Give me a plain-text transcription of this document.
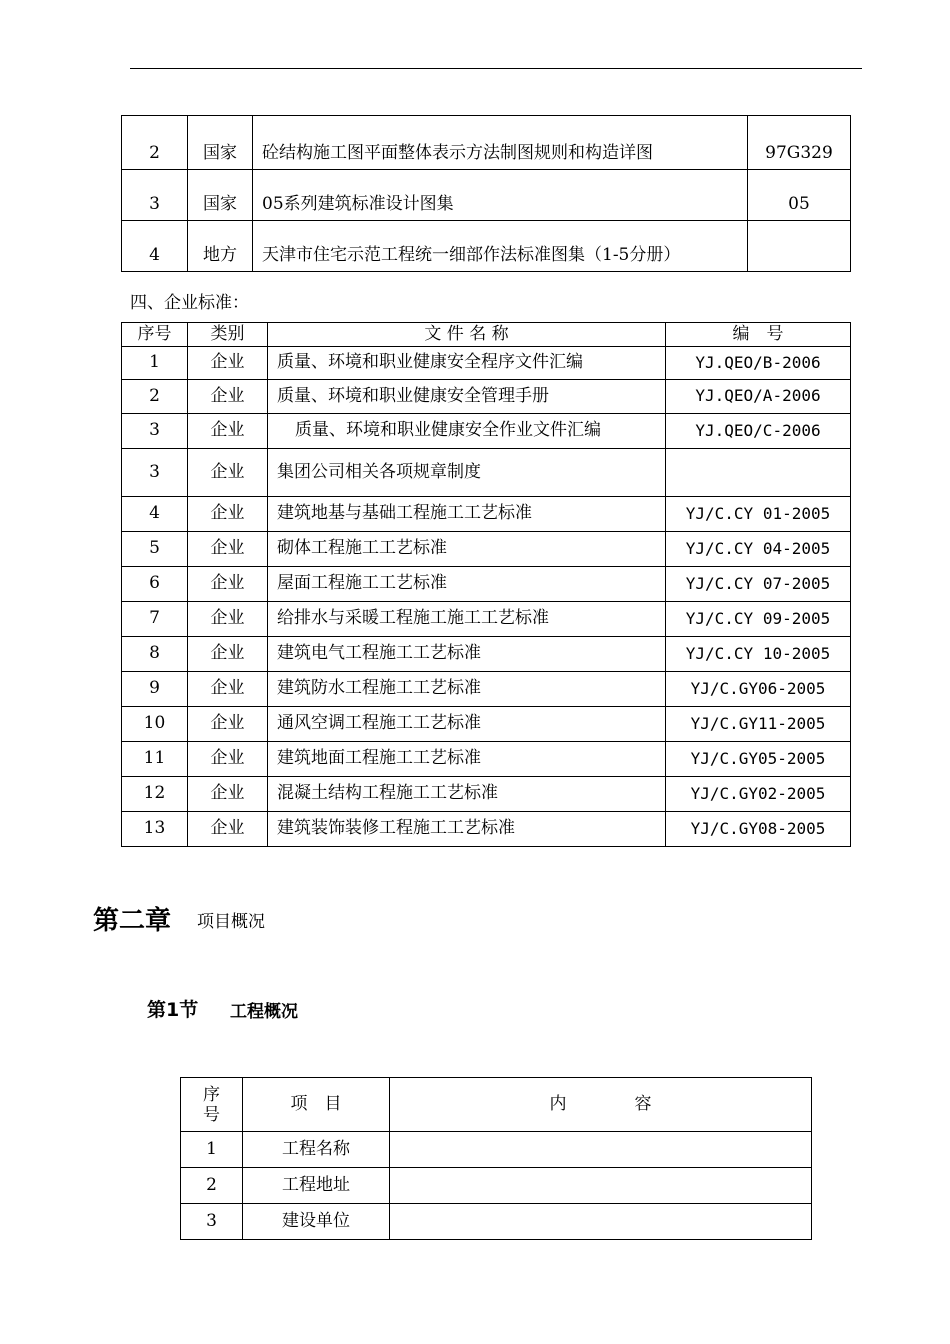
2	国家	砼结构施工图平面整体表示方法制图规则和构造详图	97G329
3	国家	05系列建筑标准设计图集	05
4	地方	天津市住宅示范工程统一细部作法标准图集（1-5分册）	
四、企业标准：
序号	类别	文 件 名 称	编　号
1	企业	质量、环境和职业健康安全程序文件汇编	YJ.QEO/B-2006
2	企业	质量、环境和职业健康安全管理手册	YJ.QEO/A-2006
3	企业	质量、环境和职业健康安全作业文件汇编	YJ.QEO/C-2006
3	企业	集团公司相关各项规章制度	
4	企业	建筑地基与基础工程施工工艺标准	YJ/C.CY 01-2005
5	企业	砌体工程施工工艺标准	YJ/C.CY 04-2005
6	企业	屋面工程施工工艺标准	YJ/C.CY 07-2005
7	企业	给排水与采暖工程施工施工工艺标准	YJ/C.CY 09-2005
8	企业	建筑电气工程施工工艺标准	YJ/C.CY 10-2005
9	企业	建筑防水工程施工工艺标准	YJ/C.GY06-2005
10	企业	通风空调工程施工工艺标准	YJ/C.GY11-2005
11	企业	建筑地面工程施工工艺标准	YJ/C.GY05-2005
12	企业	混凝土结构工程施工工艺标准	YJ/C.GY02-2005
13	企业	建筑装饰装修工程施工工艺标准	YJ/C.GY08-2005
第二章 项目概况
第1节 工程概况
序
号	项　目	内　　　　容
1	工程名称	
2	工程地址	
3	建设单位	
